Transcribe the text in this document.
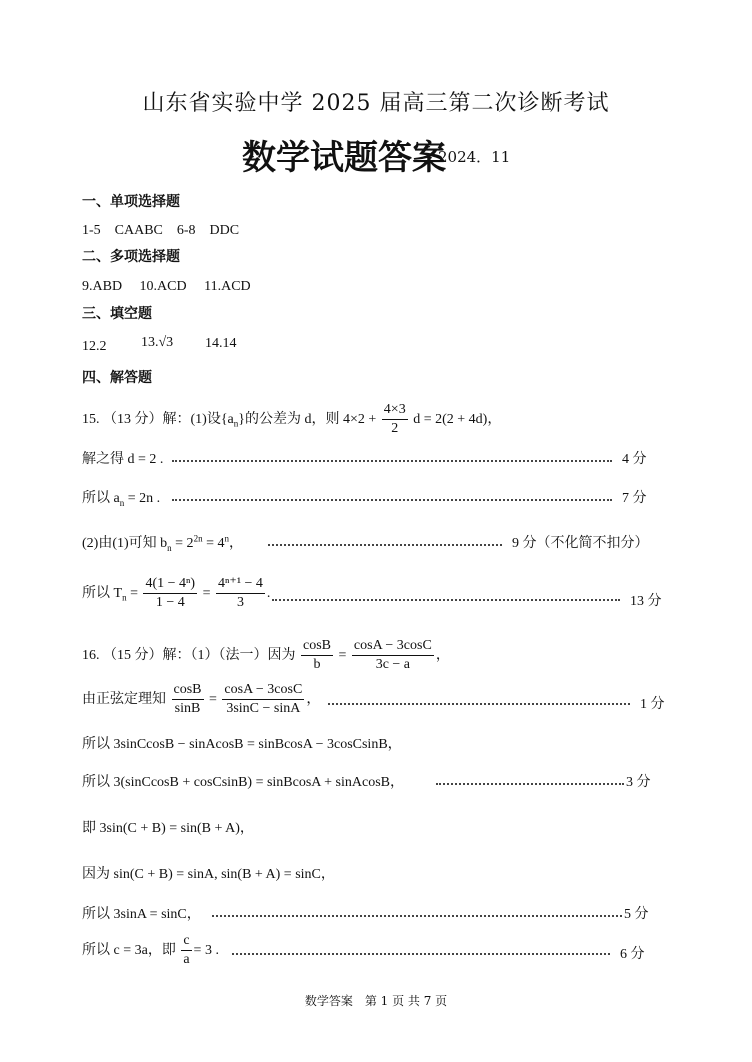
山东省实验中学 2025 届高三第二次诊断考试
数学试题答案
2024．11
一、单项选择题
1-5　CAABC　6-8　DDC
二、多项选择题
9.ABD　 10.ACD　 11.ACD
三、填空题
12.2 13.√3 14.14
四、解答题
15. （13 分）解：(1)设$\{a_n\}$的公差为 d，则 $4\times 2 + \frac{4\times 3}{2}$ d = 2(2 + 4d)，
解之得 d = 2 .	4 分
所以 $a_n = 2n$ .	7 分
(2)由(1)可知 $b_n = 2^{2n} = 4^n$，	9 分（不化简不扣分）
所以 $T_n = \frac{\text{4(1 − 4ⁿ)}}{1 - 4} = \frac{\text{4ⁿ⁺¹ − 4}}{3}$ .
13 分
16. （15 分）解：（1）（法一）因为 $\frac{\cos B}{b} = \frac{\cos A - 3\cos C}{3c - a}$ ，
由正弦定理知 $\frac{\cos B}{\sin B} = \frac{\cos A - 3\cos C}{3\sin C - \sin A}$ ，	1 分
所以 3sinCcosB − sinAcosB = sinBcosA − 3cosCsinB，
所以 3(sinCcosB + cosCsinB) = sinBcosA + sinAcosB，	3 分
即 3sin(C + B) = sin(B + A)，
因为 sin(C + B) = sinA, sin(B + A) = sinC，
所以 3sinA = sinC，	5 分
所以 c = 3a，即 $\frac{c}{a} = 3$ .	6 分
数学答案　第 1 页 共 7 页
